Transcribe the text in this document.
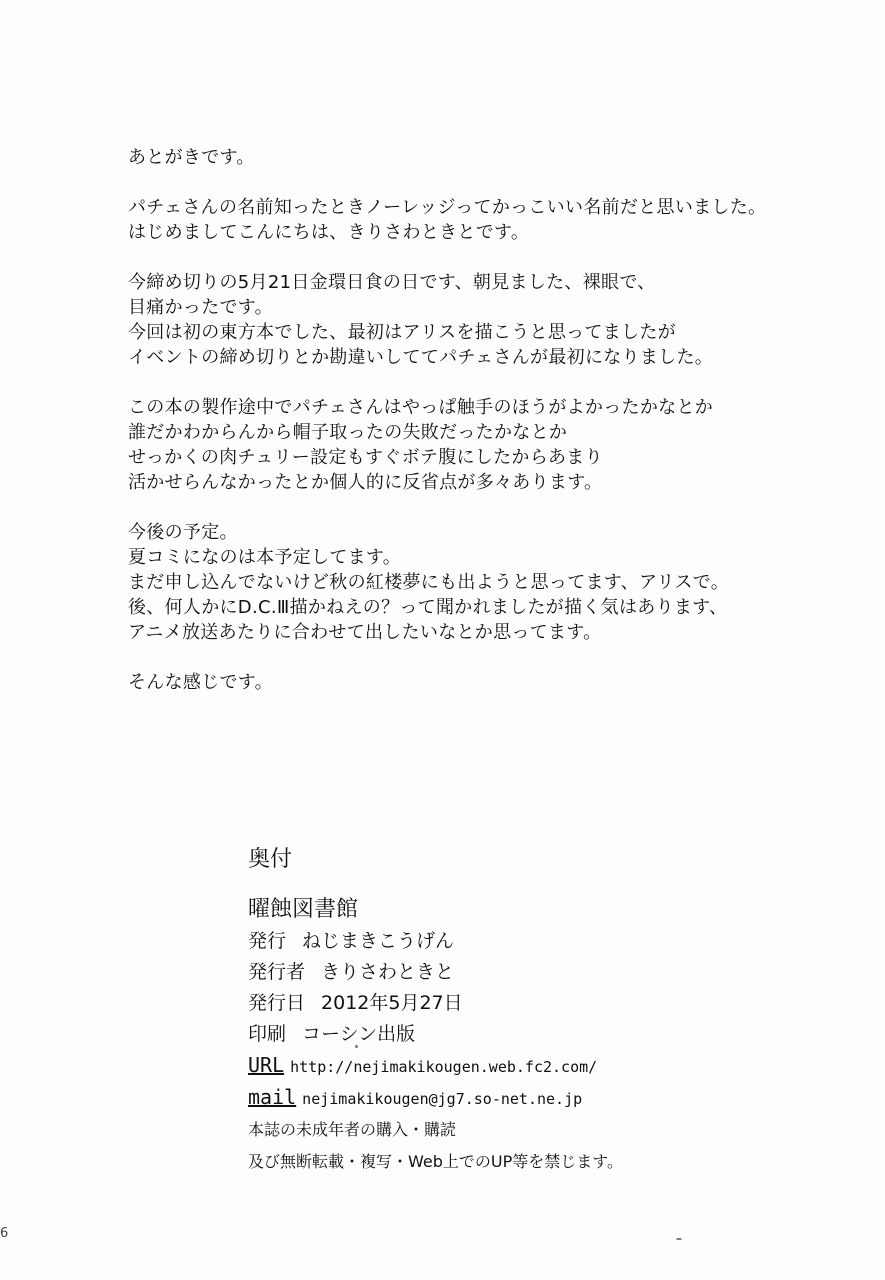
あとがきです。

パチェさんの名前知ったときノーレッジってかっこいい名前だと思いました。
はじめましてこんにちは、きりさわときとです。

今締め切りの5月21日金環日食の日です、朝見ました、裸眼で、
目痛かったです。
今回は初の東方本でした、最初はアリスを描こうと思ってましたが
イベントの締め切りとか勘違いしててパチェさんが最初になりました。

この本の製作途中でパチェさんはやっぱ触手のほうがよかったかなとか
誰だかわからんから帽子取ったの失敗だったかなとか
せっかくの肉チュリー設定もすぐボテ腹にしたからあまり
活かせらんなかったとか個人的に反省点が多々あります。

今後の予定。
夏コミになのは本予定してます。
まだ申し込んでないけど秋の紅楼夢にも出ようと思ってます、アリスで。
後、何人かにD.C.Ⅲ描かねえの？って聞かれましたが描く気はあります、
アニメ放送あたりに合わせて出したいなとか思ってます。

そんな感じです。

奥付
曜蝕図書館
発行 ねじまきこうげん
発行者 きりさわときと
発行日 2012年5月27日
印刷 コーシン出版
URL http://nejimakikougen.web.fc2.com/
mail nejimakikougen@jg7.so-net.ne.jp
本誌の未成年者の購入・購読
及び無断転載・複写・Web上でのUP等を禁じます。
6
